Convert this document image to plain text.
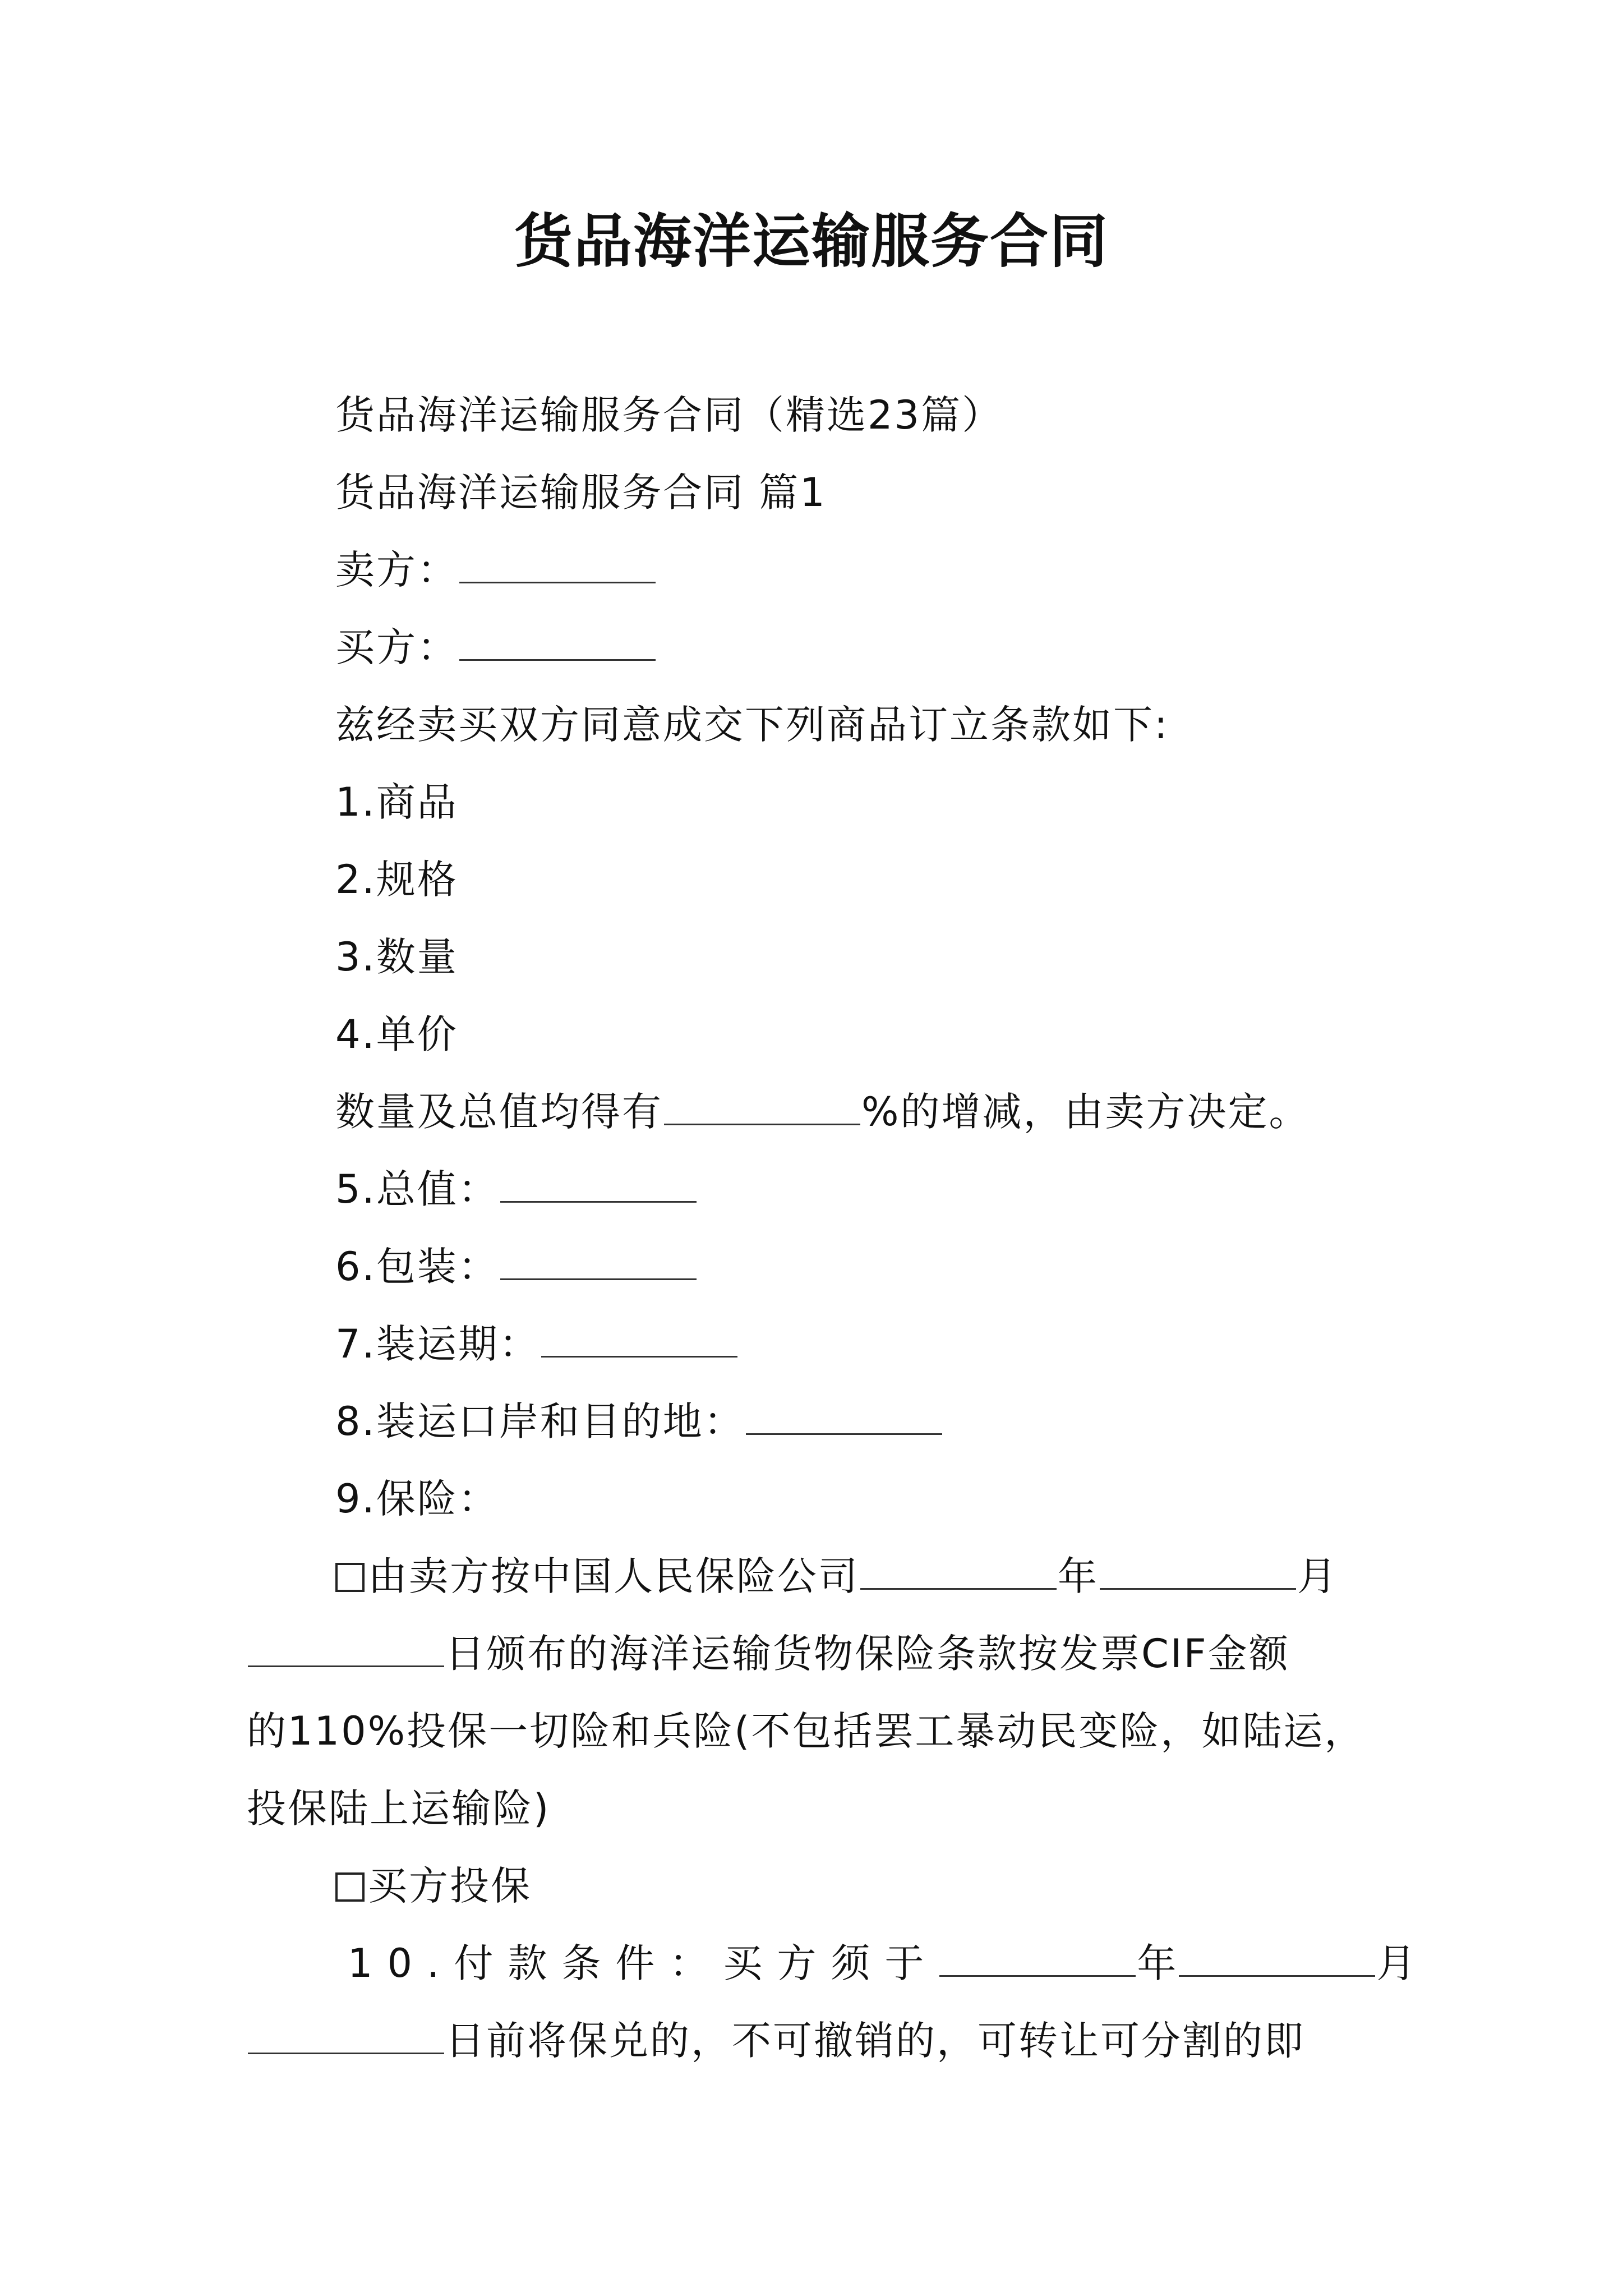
货品海洋运输服务合同
货品海洋运输服务合同（精选23篇）
货品海洋运输服务合同 篇1
卖方：
买方：
兹经卖买双方同意成交下列商品订立条款如下:
1.商品
2.规格
3.数量
4.单价
数量及总值均得有	%的增减，由卖方决定。
5.总值：
6.包装：
7.装运期：
8.装运口岸和目的地：
9.保险：
由卖方按中国人民保险公司	年	月
日颁布的海洋运输货物保险条款按发票CIF金额
的110%投保一切险和兵险(不包括罢工暴动民变险，如陆运，
投保陆上运输险)
买方投保
10.付款条件：买方须于	年	月
日前将保兑的，不可撤销的，可转让可分割的即
